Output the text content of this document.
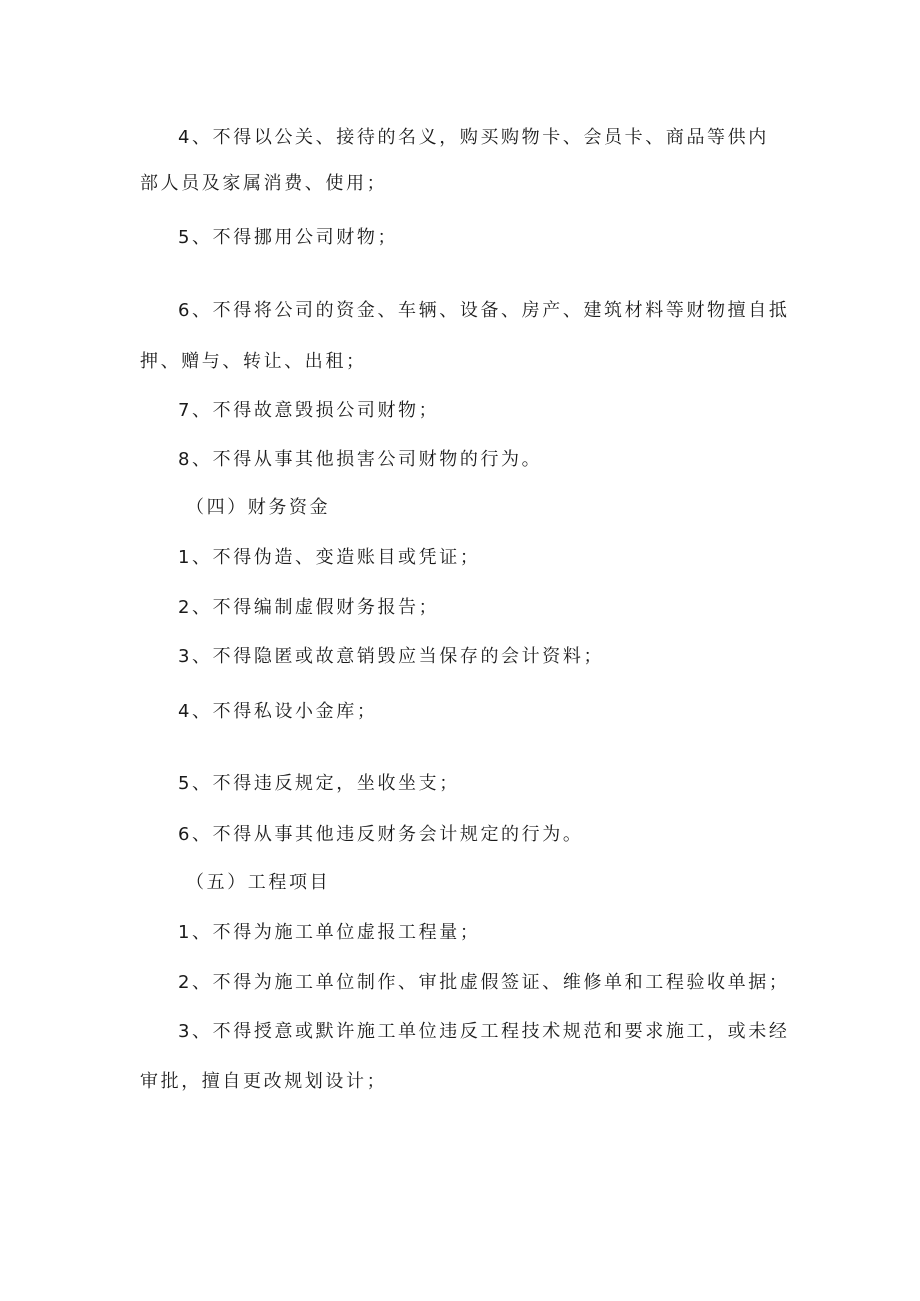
4、不得以公关、接待的名义，购买购物卡、会员卡、商品等供内
部人员及家属消费、使用；
5、不得挪用公司财物；
6、不得将公司的资金、车辆、设备、房产、建筑材料等财物擅自抵
押、赠与、转让、出租；
7、不得故意毁损公司财物；
8、不得从事其他损害公司财物的行为。
（四）财务资金
1、不得伪造、变造账目或凭证；
2、不得编制虚假财务报告；
3、不得隐匿或故意销毁应当保存的会计资料；
4、不得私设小金库；
5、不得违反规定，坐收坐支；
6、不得从事其他违反财务会计规定的行为。
（五）工程项目
1、不得为施工单位虚报工程量；
2、不得为施工单位制作、审批虚假签证、维修单和工程验收单据；
3、不得授意或默许施工单位违反工程技术规范和要求施工，或未经
审批，擅自更改规划设计；
